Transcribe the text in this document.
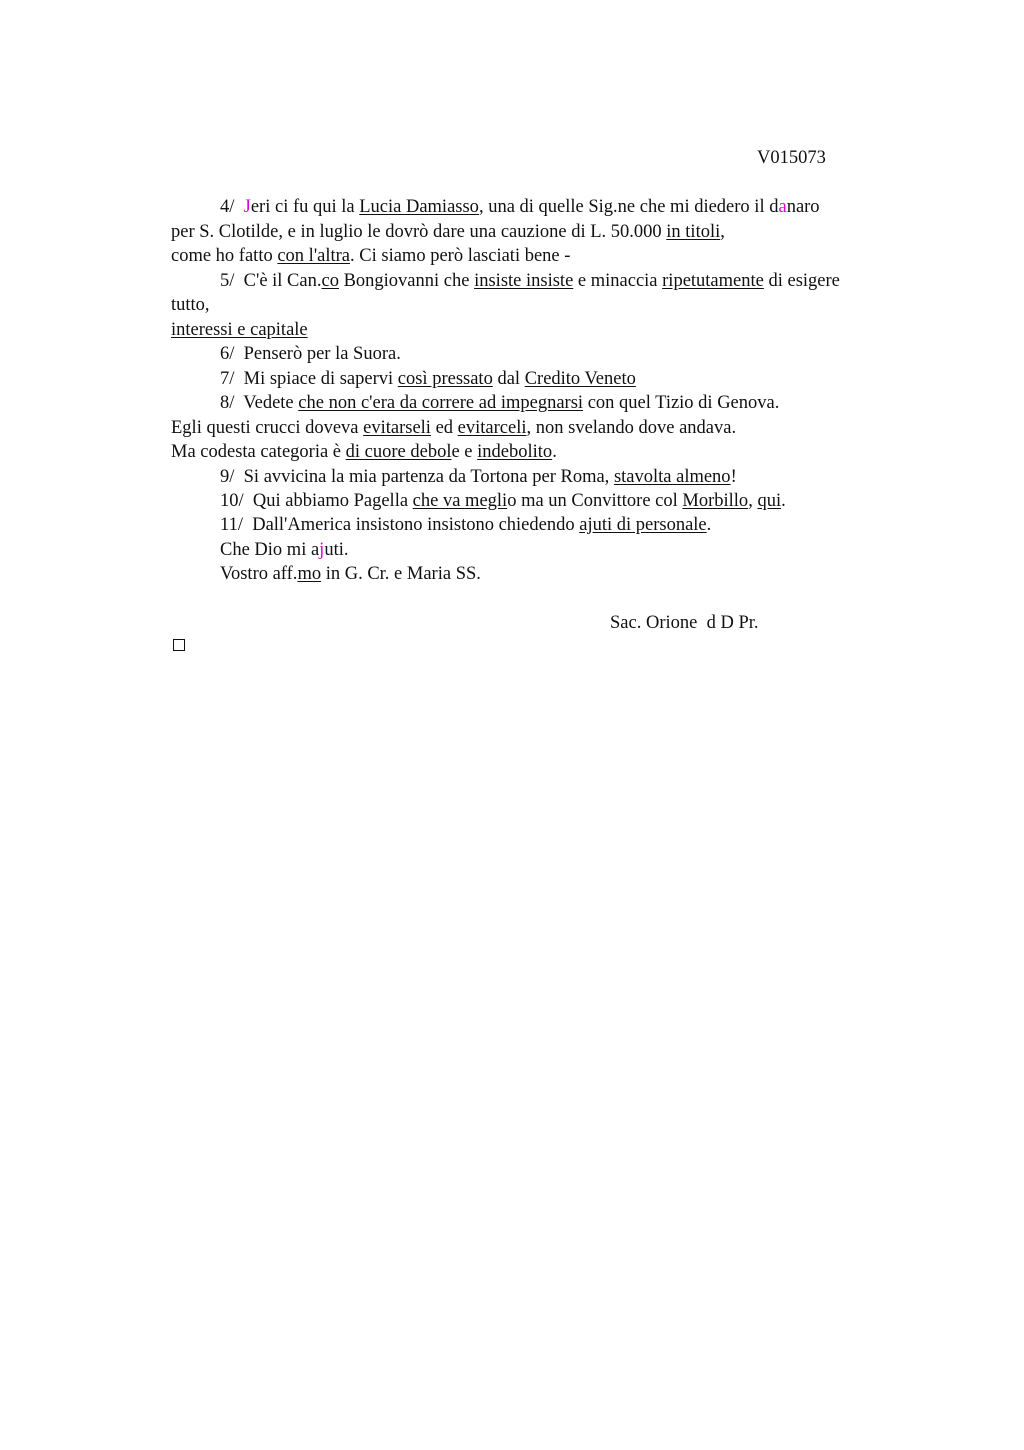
V015073
4/  Jeri ci fu qui la Lucia Damiasso, una di quelle Sig.ne che mi diedero il danaro
per S. Clotilde, e in luglio le dovrò dare una cauzione di L. 50.000 in titoli,
come ho fatto con l'altra. Ci siamo però lasciati bene -
5/  C'è il Can.co Bongiovanni che insiste insiste e minaccia ripetutamente di esigere
tutto,
interessi e capitale
6/  Penserò per la Suora.
7/  Mi spiace di sapervi così pressato dal Credito Veneto
8/  Vedete che non c'era da correre ad impegnarsi con quel Tizio di Genova.
Egli questi crucci doveva evitarseli ed evitarceli, non svelando dove andava.
Ma codesta categoria è di cuore debole e indebolito.
9/  Si avvicina la mia partenza da Tortona per Roma, stavolta almeno!
10/  Qui abbiamo Pagella che va meglio ma un Convittore col Morbillo, qui.
11/  Dall'America insistono insistono chiedendo ajuti di personale.
Che Dio mi ajuti.
Vostro aff.mo in G. Cr. e Maria SS.
Sac. Orione  d D Pr.
